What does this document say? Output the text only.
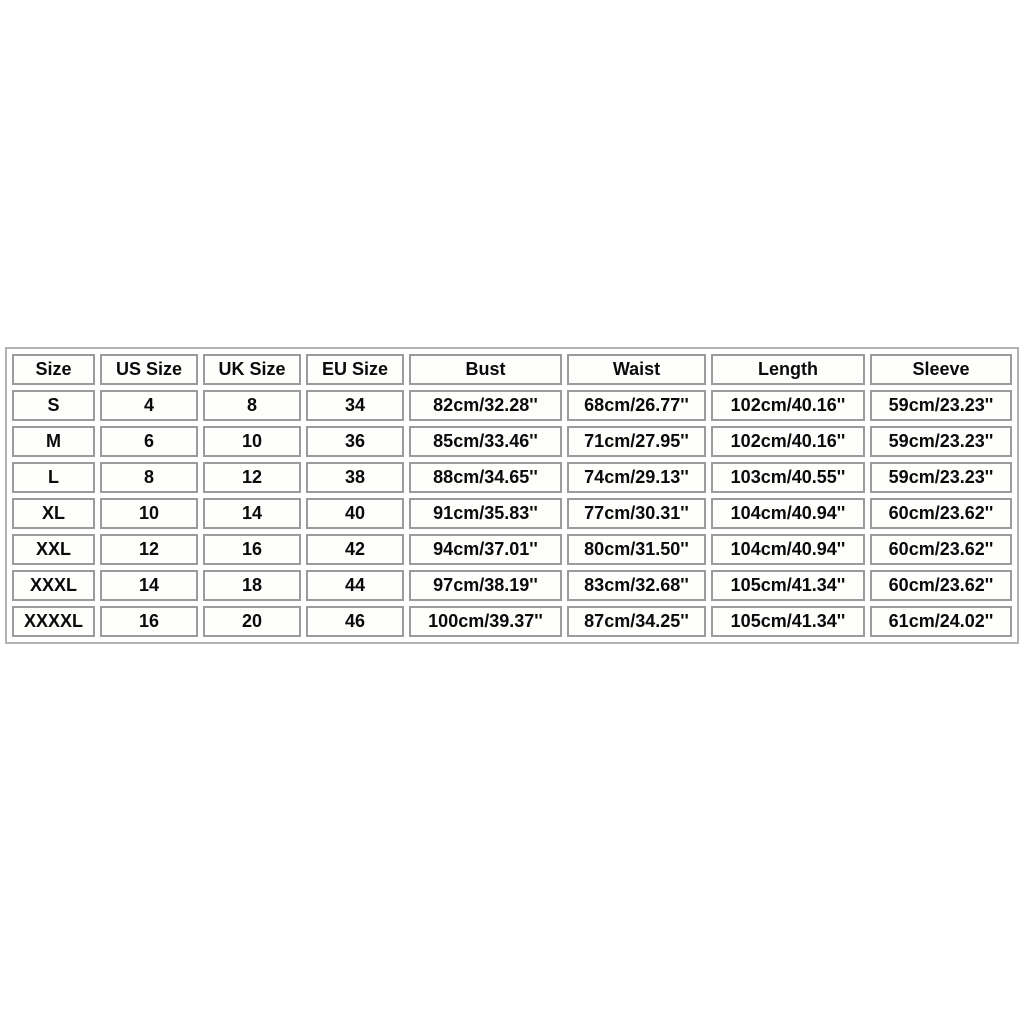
Size	US Size	UK Size	EU Size	Bust	Waist	Length	Sleeve
S	4	8	34	82cm/32.28''	68cm/26.77''	102cm/40.16''	59cm/23.23''
M	6	10	36	85cm/33.46''	71cm/27.95''	102cm/40.16''	59cm/23.23''
L	8	12	38	88cm/34.65''	74cm/29.13''	103cm/40.55''	59cm/23.23''
XL	10	14	40	91cm/35.83''	77cm/30.31''	104cm/40.94''	60cm/23.62''
XXL	12	16	42	94cm/37.01''	80cm/31.50''	104cm/40.94''	60cm/23.62''
XXXL	14	18	44	97cm/38.19''	83cm/32.68''	105cm/41.34''	60cm/23.62''
XXXXL	16	20	46	100cm/39.37''	87cm/34.25''	105cm/41.34''	61cm/24.02''
